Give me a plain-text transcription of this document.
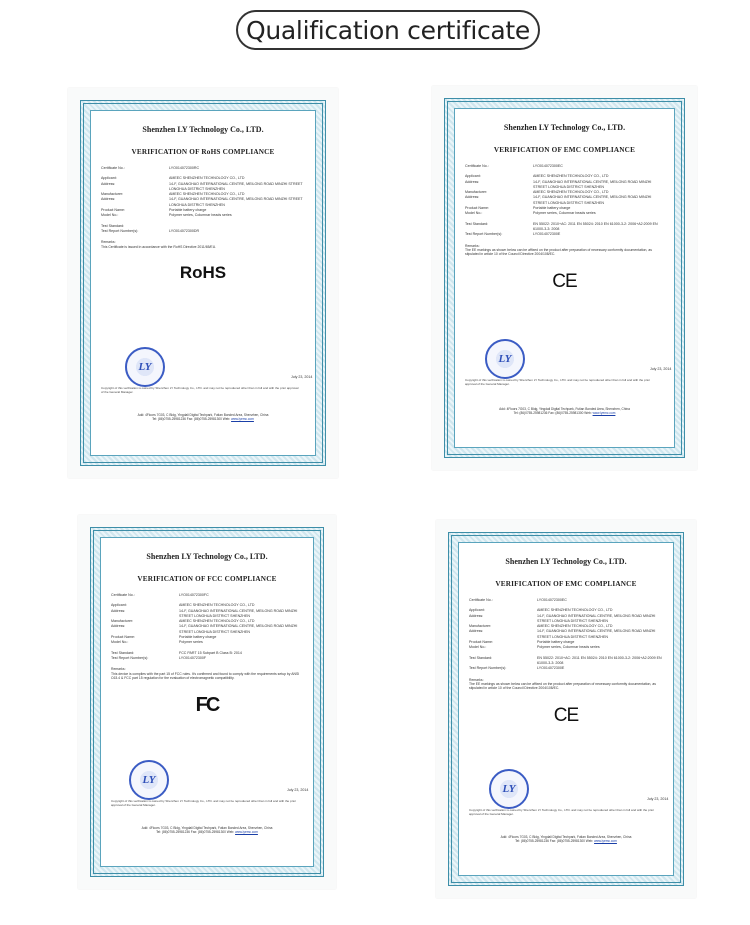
Qualification certificate
Shenzhen LY Technology Co., LTD.
VERIFICATION OF RoHS COMPLIANCE
Certificate No.:	LYO014072300RC
Applicant:	AMEEC SHENZHEN TECHNOLOGY CO., LTD
Address:	14-F, GUANGHAO INTERNATIONAL CENTRE, MEILONG ROAD MINZHI STREET LONGHUA DISTRICT SHENZHEN
Manufacturer:	AMEEC SHENZHEN TECHNOLOGY CO., LTD
Address:	14-F, GUANGHAO INTERNATIONAL CENTRE, MEILONG ROAD MINZHI STREET LONGHUA DISTRICT SHENZHEN
Product Name:	Portable battery charge
Model No.:	Polymer series, Columnar beads series
Test Standard:
Test Report Number(s):	LYO014072300DR
Remarks:
This Certificate is issued in accordance with the RoHS Directive 2011/65/EU.
RoHS
LY
July 23, 2014
Copyright of this verification is owned by Shenzhen LY Technology Co., LTD. and may not be reproduced other than in full and with the prior approval of the General Manager.
Add: 4Floors 7G03, C Bldg, Yingdali Digital Techpark, Futian Bonded Area, Shenzhen, China
Tel: (86)0755-25981236 Fax: (86)0755-25981300 Web: www.lyemc.com
Shenzhen LY Technology Co., LTD.
VERIFICATION OF EMC COMPLIANCE
Certificate No.:	LYO014072300EC
Applicant:	AMEEC SHENZHEN TECHNOLOGY CO., LTD
Address:	14-F, GUANGHAO INTERNATIONAL CENTRE, MEILONG ROAD MINZHI STREET LONGHUA DISTRICT SHENZHEN
Manufacturer:	AMEEC SHENZHEN TECHNOLOGY CO., LTD
Address:	14-F, GUANGHAO INTERNATIONAL CENTRE, MEILONG ROAD MINZHI STREET LONGHUA DISTRICT SHENZHEN
Product Name:	Portable battery charge
Model No.:	Polymer series, Columnar beads series
Test Standard:	EN 55022: 2010+AC: 2011 EN 55024: 2010 EN 61000-3-2: 2006+A2:2009 EN 61000-3-3: 2008
Test Report Number(s):	LYO014072300E
Remarks:
The EE markings as shown below can be affixed on the product after preparation of necessary conformity documentation, as stipulated in article 10 of the Council Directive 2004/108/EC.
CE
LY
July 23, 2014
Copyright of this verification is owned by Shenzhen LY Technology Co., LTD. and may not be reproduced other than in full and with the prior approval of the General Manager.
Add: 4Floors 7G03, C Bldg, Yingdali Digital Techpark, Futian Bonded Area, Shenzhen, China
Tel: (86)0755-25981236 Fax: (86)0755-25981300 Web: www.lyemc.com
Shenzhen LY Technology Co., LTD.
VERIFICATION OF FCC COMPLIANCE
Certificate No.:	LYO014072300FC
Applicant:	AMEEC SHENZHEN TECHNOLOGY CO., LTD
Address:	14-F, GUANGHAO INTERNATIONAL CENTRE, MEILONG ROAD MINZHI STREET LONGHUA DISTRICT SHENZHEN
Manufacturer:	AMEEC SHENZHEN TECHNOLOGY CO., LTD
Address:	14-F, GUANGHAO INTERNATIONAL CENTRE, MEILONG ROAD MINZHI STREET LONGHUA DISTRICT SHENZHEN
Product Name:	Portable battery charge
Model No.:	Polymer series
Test Standard:	FCC PART 15 Subpart B Class B: 2014
Test Report Number(s):	LYO014072300F
Remarks:
This device is complies with the part 15 of FCC rules. It's confirmed and found to comply with the requirements setup by ANSI C63.4 & FCC part 15 regulation for the evaluation of electromagnetic compatibility.
FC
LY
July 23, 2014
Copyright of this verification is owned by Shenzhen LY Technology Co., LTD. and may not be reproduced other than in full and with the prior approval of the General Manager.
Add: 4Floors 7G03, C Bldg, Yingdali Digital Techpark, Futian Bonded Area, Shenzhen, China
Tel: (86)0755-25981236 Fax: (86)0755-25981300 Web: www.lyemc.com
Shenzhen LY Technology Co., LTD.
VERIFICATION OF EMC COMPLIANCE
Certificate No.:	LYO014072300EC
Applicant:	AMEEC SHENZHEN TECHNOLOGY CO., LTD
Address:	14-F, GUANGHAO INTERNATIONAL CENTRE, MEILONG ROAD MINZHI STREET LONGHUA DISTRICT SHENZHEN
Manufacturer:	AMEEC SHENZHEN TECHNOLOGY CO., LTD
Address:	14-F, GUANGHAO INTERNATIONAL CENTRE, MEILONG ROAD MINZHI STREET LONGHUA DISTRICT SHENZHEN
Product Name:	Portable battery charge
Model No.:	Polymer series, Columnar beads series
Test Standard:	EN 55022: 2010+AC: 2011 EN 55024: 2010 EN 61000-3-2: 2006+A2:2009 EN 61000-3-3: 2008
Test Report Number(s):	LYO014072300E
Remarks:
The EE markings as shown below can be affixed on the product after preparation of necessary conformity documentation, as stipulated in article 10 of the Council Directive 2004/108/EC.
CE
LY
July 23, 2014
Copyright of this verification is owned by Shenzhen LY Technology Co., LTD. and may not be reproduced other than in full and with the prior approval of the General Manager.
Add: 4Floors 7G03, C Bldg, Yingdali Digital Techpark, Futian Bonded Area, Shenzhen, China
Tel: (86)0755-25981236 Fax: (86)0755-25981300 Web: www.lyemc.com
